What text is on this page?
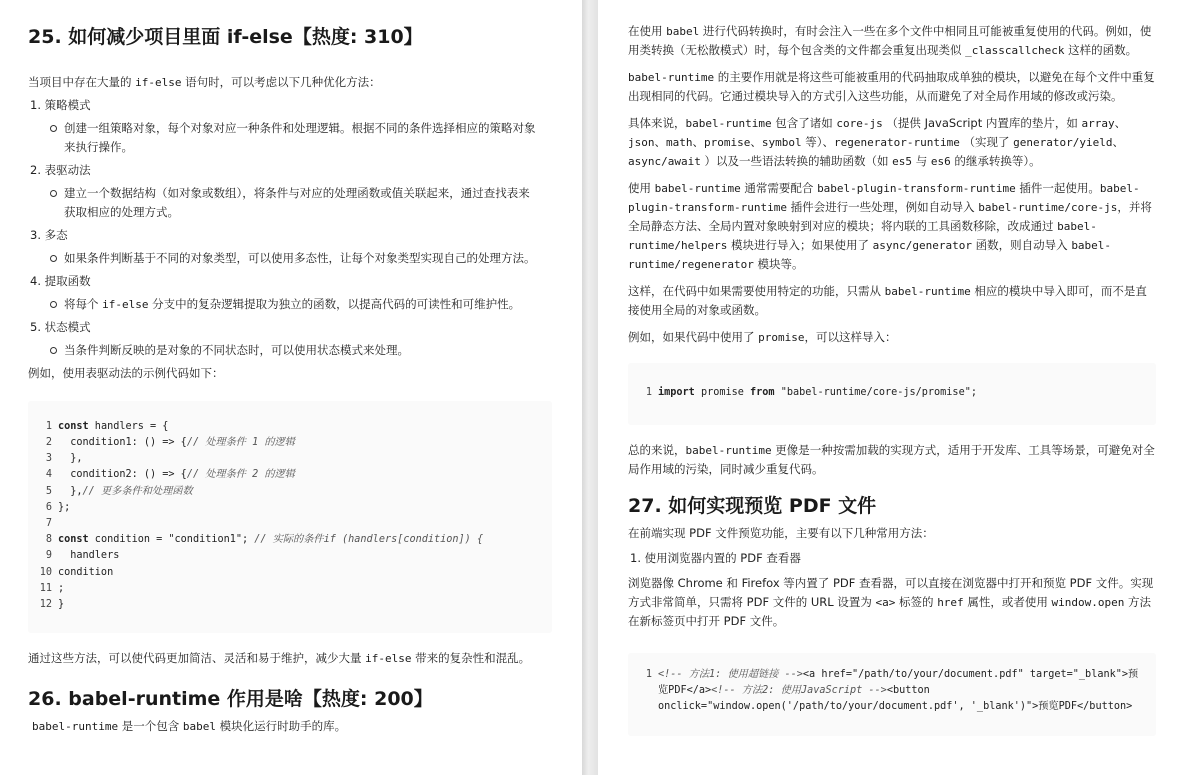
25. 如何减少项目里面 if-else【热度: 310】

当项目中存在大量的 if-else 语句时，可以考虑以下几种优化方法：

1. 策略模式
创建一组策略对象，每个对象对应一种条件和处理逻辑。根据不同的条件选择相应的策略对象
来执行操作。
2. 表驱动法
建立一个数据结构（如对象或数组），将条件与对应的处理函数或值关联起来，通过查找表来
获取相应的处理方式。
3. 多态
如果条件判断基于不同的对象类型，可以使用多态性，让每个对象类型实现自己的处理方法。
4. 提取函数
将每个 if-else 分支中的复杂逻辑提取为独立的函数，以提高代码的可读性和可维护性。
5. 状态模式
当条件判断反映的是对象的不同状态时，可以使用状态模式来处理。

例如，使用表驱动法的示例代码如下：

1 const handlers = {
2 condition1: () => {// 处理条件 1 的逻辑
3 },
4 condition2: () => {// 处理条件 2 的逻辑
5 },// 更多条件和处理函数
6 };
7
8 const condition = "condition1"; // 实际的条件if (handlers[condition]) {
9 handlers
10 condition
11 ;
12 }

通过这些方法，可以使代码更加简洁、灵活和易于维护，减少大量 if-else 带来的复杂性和混乱。

26. babel-runtime 作用是啥【热度: 200】

babel-runtime 是一个包含 babel 模块化运行时助手的库。

在使用 babel 进行代码转换时，有时会注入一些在多个文件中相同且可能被重复使用的代码。例如，使用类转换（无松散模式）时，每个包含类的文件都会重复出现类似 _classcallcheck 这样的函数。

babel-runtime 的主要作用就是将这些可能被重用的代码抽取成单独的模块，以避免在每个文件中重复出现相同的代码。它通过模块导入的方式引入这些功能，从而避免了对全局作用域的修改或污染。

具体来说，babel-runtime 包含了诸如 core-js （提供 JavaScript 内置库的垫片，如 array、json、math、promise、symbol 等）、regenerator-runtime （实现了 generator/yield、async/await ）以及一些语法转换的辅助函数（如 es5 与 es6 的继承转换等）。

使用 babel-runtime 通常需要配合 babel-plugin-transform-runtime 插件一起使用。babel-plugin-transform-runtime 插件会进行一些处理，例如自动导入 babel-runtime/core-js，并将全局静态方法、全局内置对象映射到对应的模块；将内联的工具函数移除，改成通过 babel-runtime/helpers 模块进行导入；如果使用了 async/generator 函数，则自动导入 babel-runtime/regenerator 模块等。

这样，在代码中如果需要使用特定的功能，只需从 babel-runtime 相应的模块中导入即可，而不是直接使用全局的对象或函数。

例如，如果代码中使用了 promise，可以这样导入：

1 import promise from "babel-runtime/core-js/promise";

总的来说，babel-runtime 更像是一种按需加载的实现方式，适用于开发库、工具等场景，可避免对全局作用域的污染，同时减少重复代码。

27. 如何实现预览 PDF 文件

在前端实现 PDF 文件预览功能，主要有以下几种常用方法：

1. 使用浏览器内置的 PDF 查看器

浏览器像 Chrome 和 Firefox 等内置了 PDF 查看器，可以直接在浏览器中打开和预览 PDF 文件。实现方式非常简单，只需将 PDF 文件的 URL 设置为 <a> 标签的 href 属性，或者使用 window.open 方法在新标签页中打开 PDF 文件。

1 <!-- 方法1: 使用超链接 --><a href="/path/to/your/document.pdf" target="_blank">预览PDF</a><!-- 方法2: 使用JavaScript --><button onclick="window.open('/path/to/your/document.pdf', '_blank')">预览PDF</button>
